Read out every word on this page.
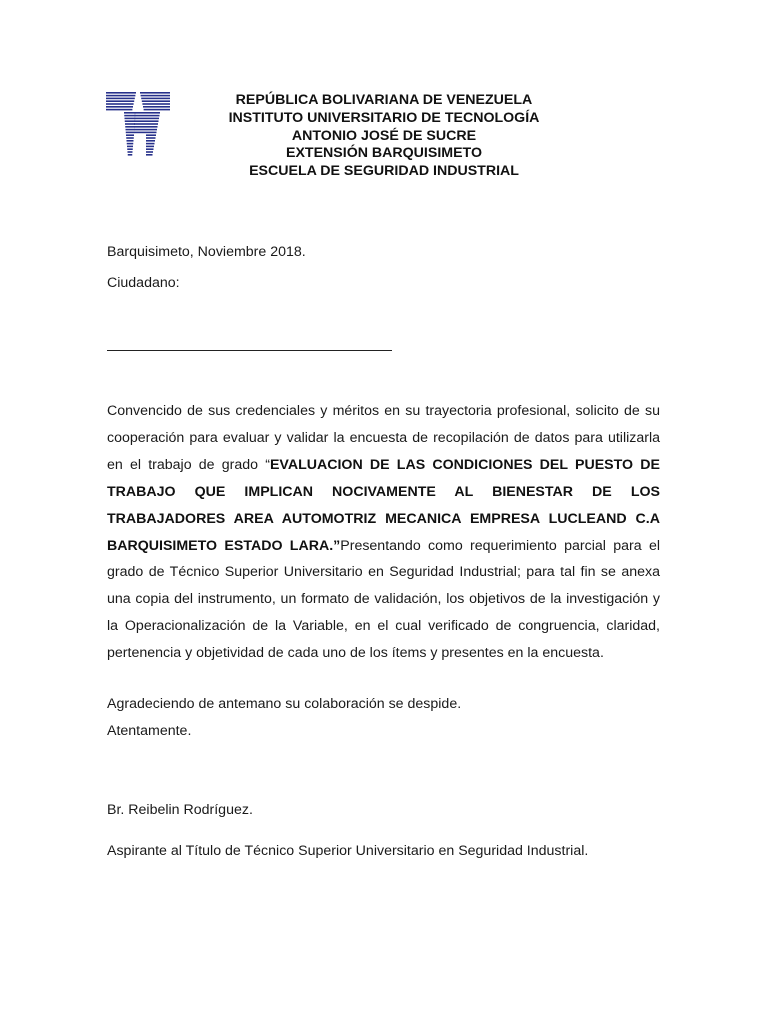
REPÚBLICA BOLIVARIANA DE VENEZUELA
INSTITUTO UNIVERSITARIO DE TECNOLOGÍA
ANTONIO JOSÉ DE SUCRE
EXTENSIÓN BARQUISIMETO
ESCUELA DE SEGURIDAD INDUSTRIAL
Barquisimeto, Noviembre 2018.
Ciudadano:
Convencido de sus credenciales y méritos en su trayectoria profesional, solicito de su cooperación para evaluar y validar la encuesta de recopilación de datos para utilizarla en el trabajo de grado “EVALUACION DE LAS CONDICIONES DEL PUESTO DE TRABAJO QUE IMPLICAN NOCIVAMENTE AL BIENESTAR DE LOS TRABAJADORES AREA AUTOMOTRIZ MECANICA EMPRESA LUCLEAND C.A BARQUISIMETO ESTADO LARA.”Presentando como requerimiento parcial para el grado de Técnico Superior Universitario en Seguridad Industrial; para tal fin se anexa una copia del instrumento, un formato de validación, los objetivos de la investigación y la Operacionalización de la Variable, en el cual verificado de congruencia, claridad, pertenencia y objetividad de cada uno de los ítems y presentes en la encuesta.
Agradeciendo de antemano su colaboración se despide.
Atentamente.
Br. Reibelin Rodríguez.
Aspirante al Título de Técnico Superior Universitario en Seguridad Industrial.
